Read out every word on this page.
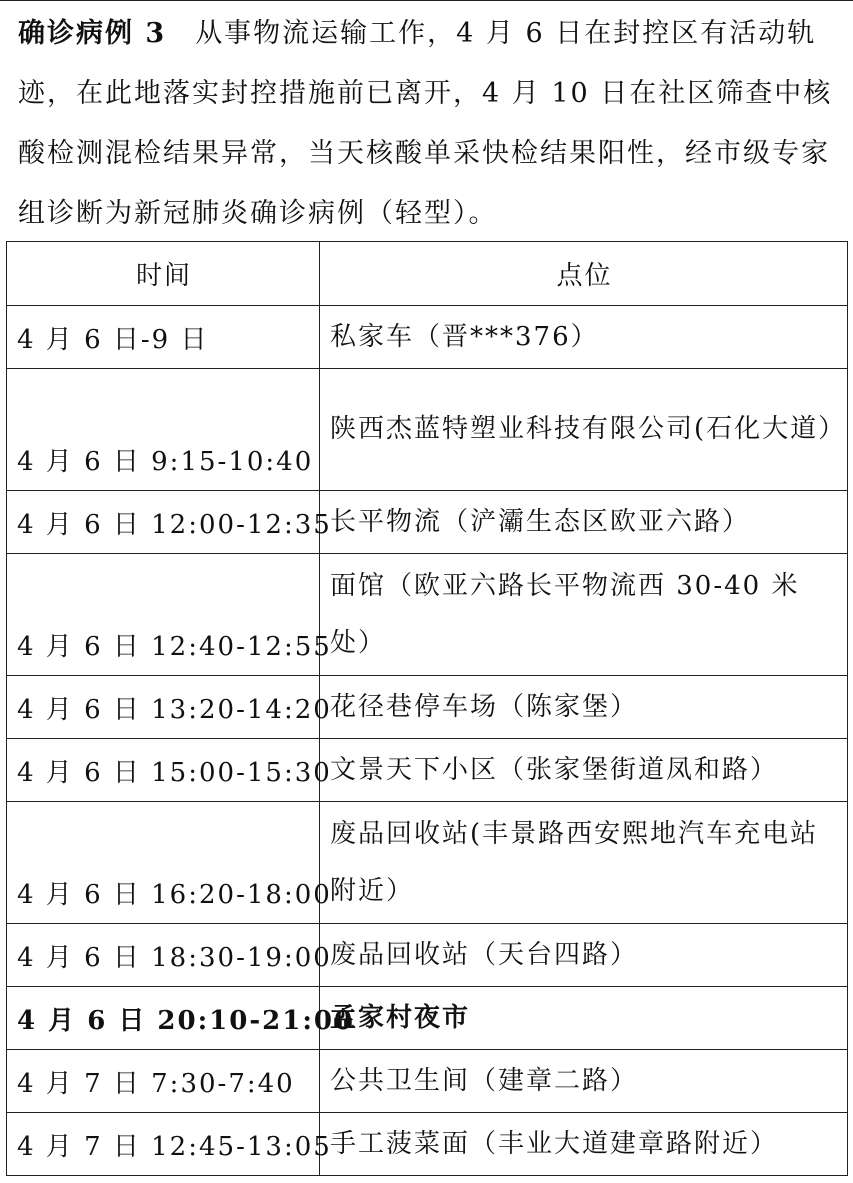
确诊病例 3　 从事物流运输工作，4 月 6 日在封控区有活动轨迹，在此地落实封控措施前已离开，4 月 10 日在社区筛查中核酸检测混检结果异常，当天核酸单采快检结果阳性，经市级专家组诊断为新冠肺炎确诊病例（轻型）。
时间	点位
4 月 6 日-9 日	私家车（晋***376）
4 月 6 日 9:15-10:40	陕西杰蓝特塑业科技有限公司(石化大道）
4 月 6 日 12:00-12:35	长平物流（浐灞生态区欧亚六路）
4 月 6 日 12:40-12:55	面馆（欧亚六路长平物流西 30-40 米处）
4 月 6 日 13:20-14:20	花径巷停车场（陈家堡）
4 月 6 日 15:00-15:30	文景天下小区（张家堡街道凤和路）
4 月 6 日 16:20-18:00	废品回收站(丰景路西安熙地汽车充电站附近）
4 月 6 日 18:30-19:00	废品回收站（天台四路）
4 月 6 日 20:10-21:00	孟家村夜市
4 月 7 日 7:30-7:40	公共卫生间（建章二路）
4 月 7 日 12:45-13:05	手工菠菜面（丰业大道建章路附近）
